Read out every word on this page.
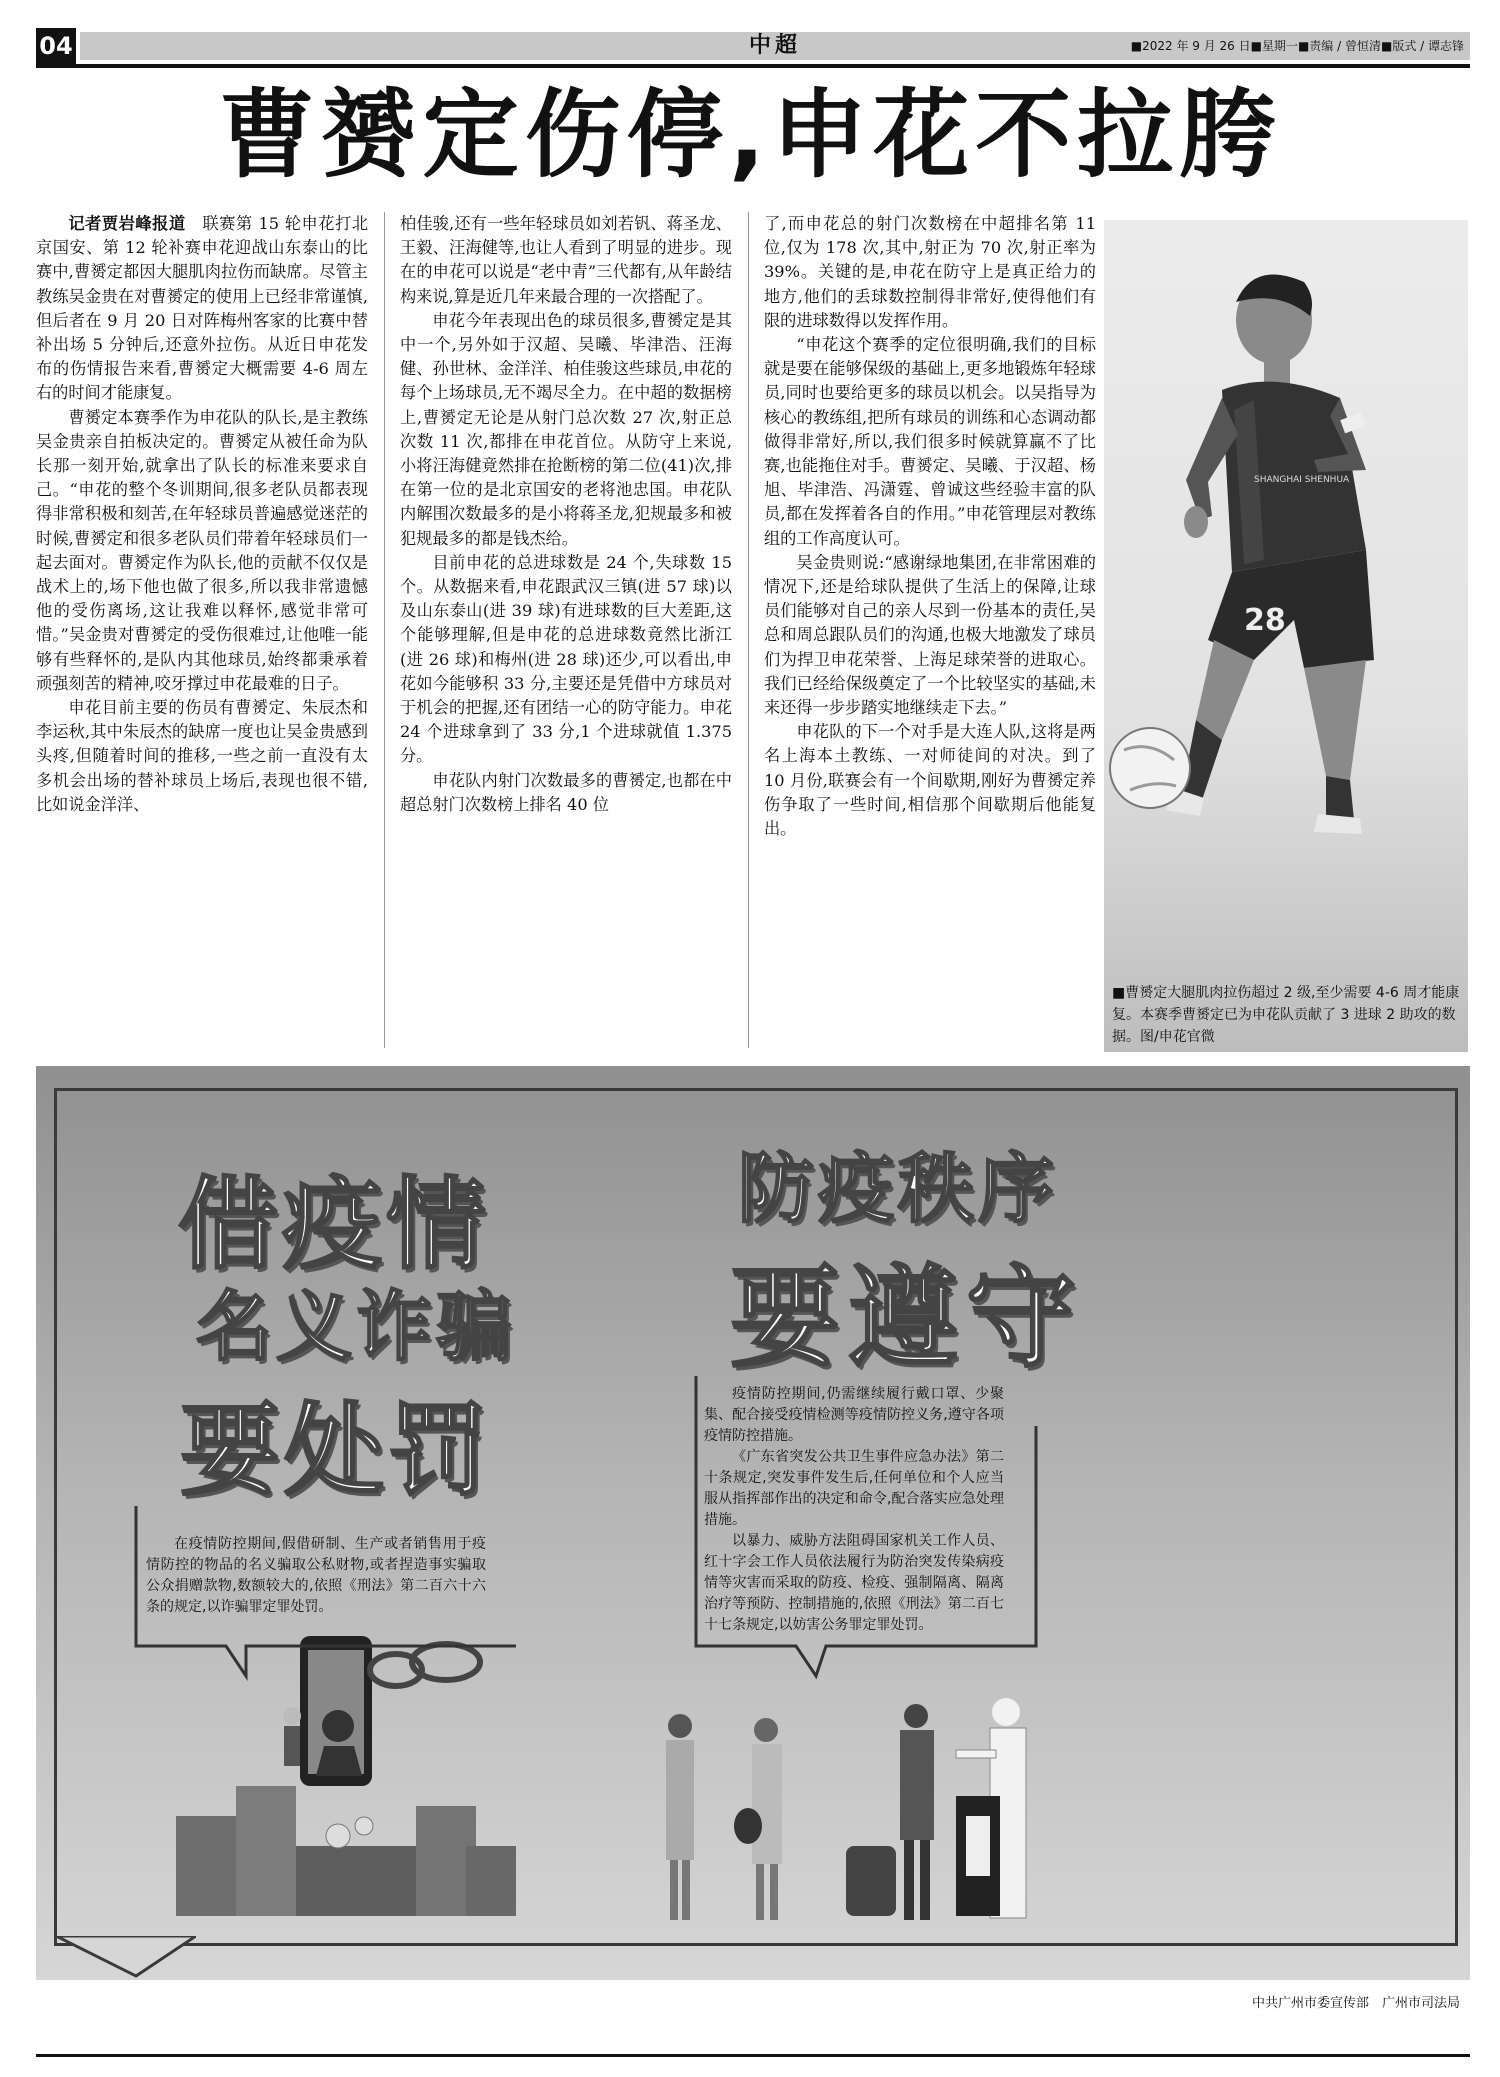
04	中超	■2022 年 9 月 26 日■星期一■责编 / 曾恒清■版式 / 谭志锋
曹赟定伤停,申花不拉胯

记者贾岩峰报道　 联赛第 15 轮申花打北京国安、第 12 轮补赛申花迎战山东泰山的比赛中,曹赟定都因大腿肌肉拉伤而缺席。尽管主教练吴金贵在对曹赟定的使用上已经非常谨慎,但后者在 9 月 20 日对阵梅州客家的比赛中替补出场 5 分钟后,还意外拉伤。从近日申花发布的伤情报告来看,曹赟定大概需要 4-6 周左右的时间才能康复。

曹赟定本赛季作为申花队的队长,是主教练吴金贵亲自拍板决定的。曹赟定从被任命为队长那一刻开始,就拿出了队长的标准来要求自己。“申花的整个冬训期间,很多老队员都表现得非常积极和刻苦,在年轻球员普遍感觉迷茫的时候,曹赟定和很多老队员们带着年轻球员们一起去面对。曹赟定作为队长,他的贡献不仅仅是战术上的,场下他也做了很多,所以我非常遗憾他的受伤离场,这让我难以释怀,感觉非常可惜。”吴金贵对曹赟定的受伤很难过,让他唯一能够有些释怀的,是队内其他球员,始终都秉承着顽强刻苦的精神,咬牙撑过申花最难的日子。

申花目前主要的伤员有曹赟定、朱辰杰和李运秋,其中朱辰杰的缺席一度也让吴金贵感到头疼,但随着时间的推移,一些之前一直没有太多机会出场的替补球员上场后,表现也很不错,比如说金洋洋、

柏佳骏,还有一些年轻球员如刘若钒、蒋圣龙、王毅、汪海健等,也让人看到了明显的进步。现在的申花可以说是“老中青”三代都有,从年龄结构来说,算是近几年来最合理的一次搭配了。

申花今年表现出色的球员很多,曹赟定是其中一个,另外如于汉超、吴曦、毕津浩、汪海健、孙世林、金洋洋、柏佳骏这些球员,申花的每个上场球员,无不竭尽全力。在中超的数据榜上,曹赟定无论是从射门总次数 27 次,射正总次数 11 次,都排在申花首位。从防守上来说,小将汪海健竟然排在抢断榜的第二位(41)次,排在第一位的是北京国安的老将池忠国。申花队内解围次数最多的是小将蒋圣龙,犯规最多和被犯规最多的都是钱杰给。

目前申花的总进球数是 24 个,失球数 15 个。从数据来看,申花跟武汉三镇(进 57 球)以及山东泰山(进 39 球)有进球数的巨大差距,这个能够理解,但是申花的总进球数竟然比浙江(进 26 球)和梅州(进 28 球)还少,可以看出,申花如今能够积 33 分,主要还是凭借中方球员对于机会的把握,还有团结一心的防守能力。申花 24 个进球拿到了 33 分,1 个进球就值 1.375 分。

申花队内射门次数最多的曹赟定,也都在中超总射门次数榜上排名 40 位

了,而申花总的射门次数榜在中超排名第 11 位,仅为 178 次,其中,射正为 70 次,射正率为 39%。关键的是,申花在防守上是真正给力的地方,他们的丢球数控制得非常好,使得他们有限的进球数得以发挥作用。

“申花这个赛季的定位很明确,我们的目标就是要在能够保级的基础上,更多地锻炼年轻球员,同时也要给更多的球员以机会。以吴指导为核心的教练组,把所有球员的训练和心态调动都做得非常好,所以,我们很多时候就算赢不了比赛,也能拖住对手。曹赟定、吴曦、于汉超、杨旭、毕津浩、冯潇霆、曾诚这些经验丰富的队员,都在发挥着各自的作用。”申花管理层对教练组的工作高度认可。

吴金贵则说:“感谢绿地集团,在非常困难的情况下,还是给球队提供了生活上的保障,让球员们能够对自己的亲人尽到一份基本的责任,吴总和周总跟队员们的沟通,也极大地激发了球员们为捍卫申花荣誉、上海足球荣誉的进取心。我们已经给保级奠定了一个比较坚实的基础,未来还得一步步踏实地继续走下去。”

申花队的下一个对手是大连人队,这将是两名上海本土教练、一对师徒间的对决。到了 10 月份,联赛会有一个间歇期,刚好为曹赟定养伤争取了一些时间,相信那个间歇期后他能复出。

28
SHANGHAI SHENHUA
■曹赟定大腿肌肉拉伤超过 2 级,至少需要 4-6 周才能康复。本赛季曹赟定已为申花队贡献了 3 进球 2 助攻的数据。图/申花官微
借疫情
名义诈骗
要处罚
防疫秩序
要遵守

在疫情防控期间,假借研制、生产或者销售用于疫情防控的物品的名义骗取公私财物,或者捏造事实骗取公众捐赠款物,数额较大的,依照《刑法》第二百六十六条的规定,以诈骗罪定罪处罚。

疫情防控期间,仍需继续履行戴口罩、少聚集、配合接受疫情检测等疫情防控义务,遵守各项疫情防控措施。

《广东省突发公共卫生事件应急办法》第二十条规定,突发事件发生后,任何单位和个人应当服从指挥部作出的决定和命令,配合落实应急处理措施。

以暴力、威胁方法阻碍国家机关工作人员、红十字会工作人员依法履行为防治突发传染病疫情等灾害而采取的防疫、检疫、强制隔离、隔离治疗等预防、控制措施的,依照《刑法》第二百七十七条规定,以妨害公务罪定罪处罚。

中共广州市委宣传部　广州市司法局
